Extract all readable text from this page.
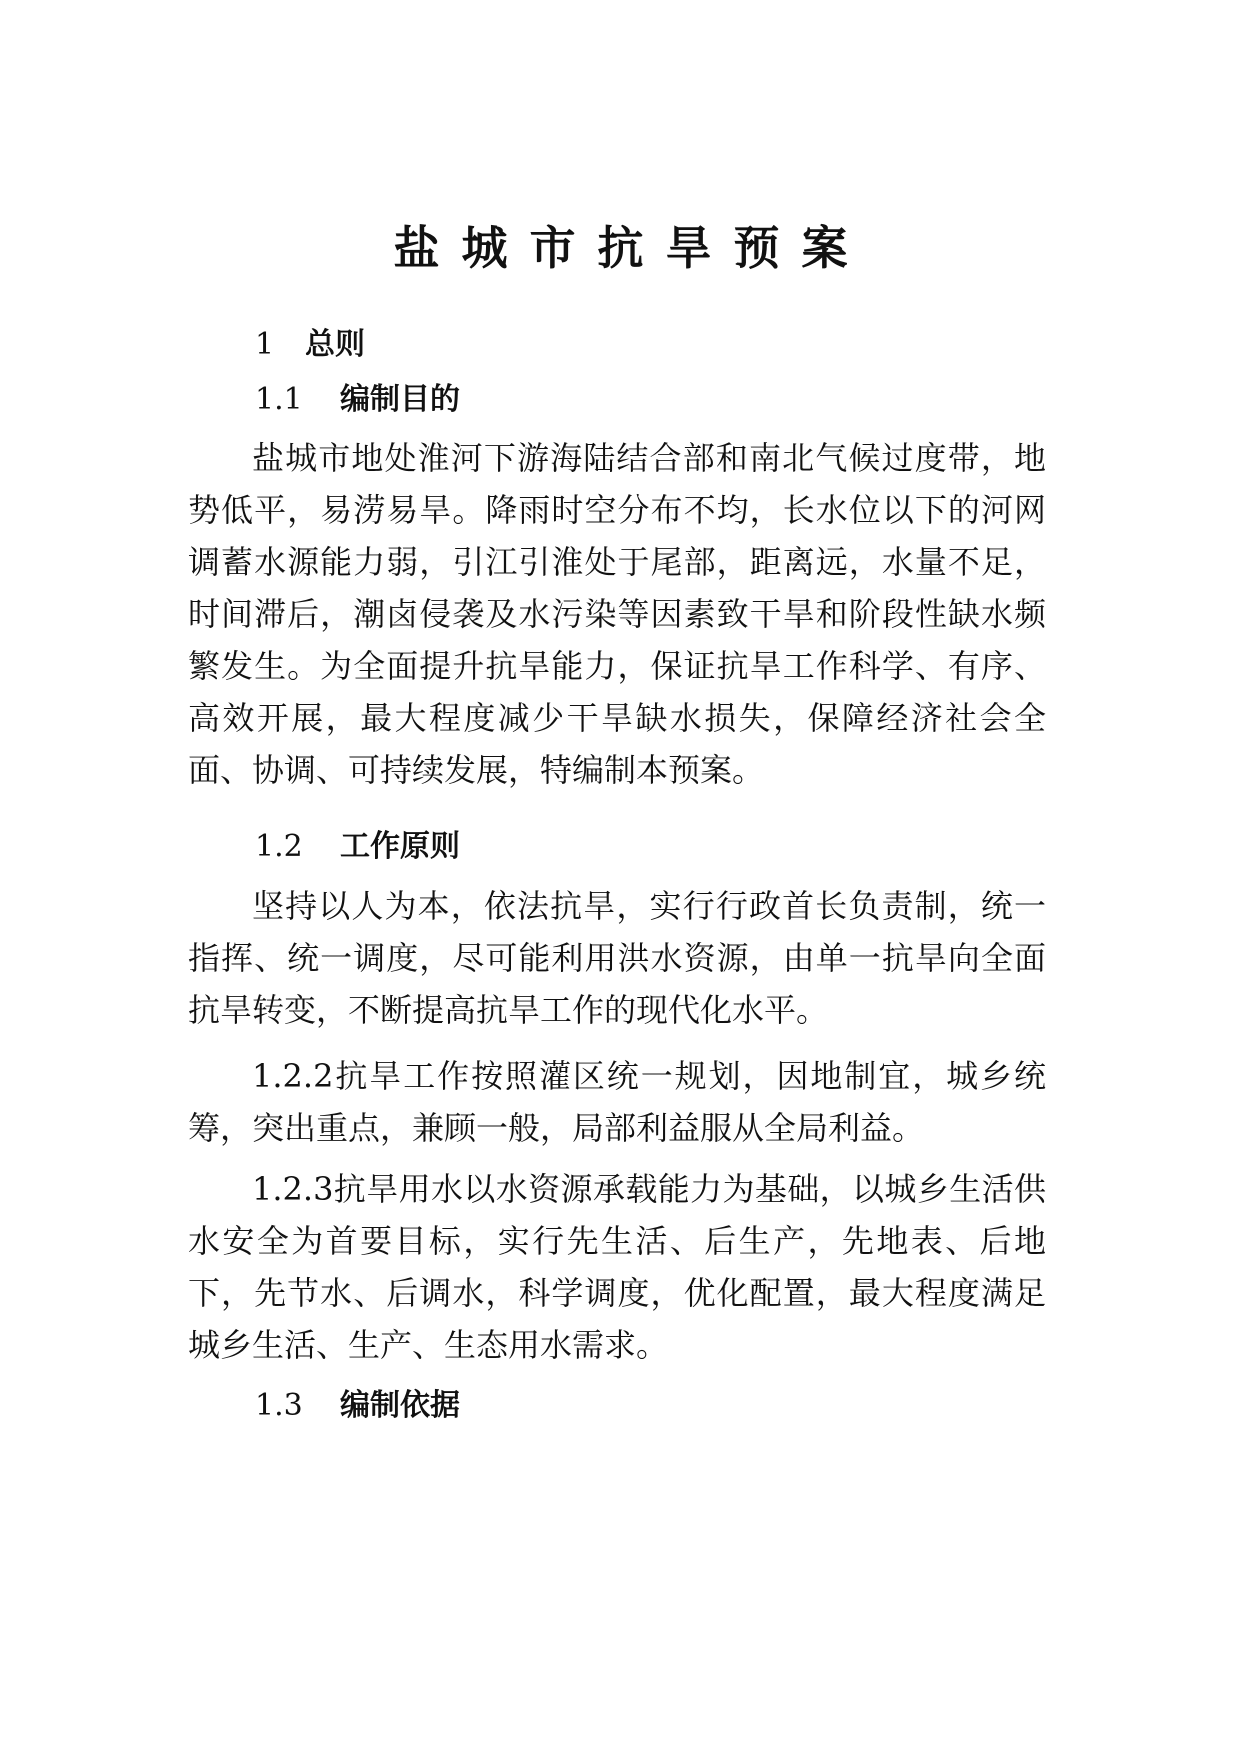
盐城市抗旱预案
1 总则
1.1 编制目的

盐城市地处淮河下游海陆结合部和南北气候过度带，地势低平，易涝易旱。降雨时空分布不均，长水位以下的河网调蓄水源能力弱，引江引淮处于尾部，距离远，水量不足，时间滞后，潮卤侵袭及水污染等因素致干旱和阶段性缺水频繁发生。为全面提升抗旱能力，保证抗旱工作科学、有序、高效开展，最大程度减少干旱缺水损失，保障经济社会全面、协调、可持续发展，特编制本预案。

1.2 工作原则

坚持以人为本，依法抗旱，实行行政首长负责制，统一指挥、统一调度，尽可能利用洪水资源，由单一抗旱向全面抗旱转变，不断提高抗旱工作的现代化水平。

1.2.2抗旱工作按照灌区统一规划，因地制宜，城乡统筹，突出重点，兼顾一般，局部利益服从全局利益。

1.2.3抗旱用水以水资源承载能力为基础，以城乡生活供水安全为首要目标，实行先生活、后生产，先地表、后地下，先节水、后调水，科学调度，优化配置，最大程度满足城乡生活、生产、生态用水需求。

1.3 编制依据
